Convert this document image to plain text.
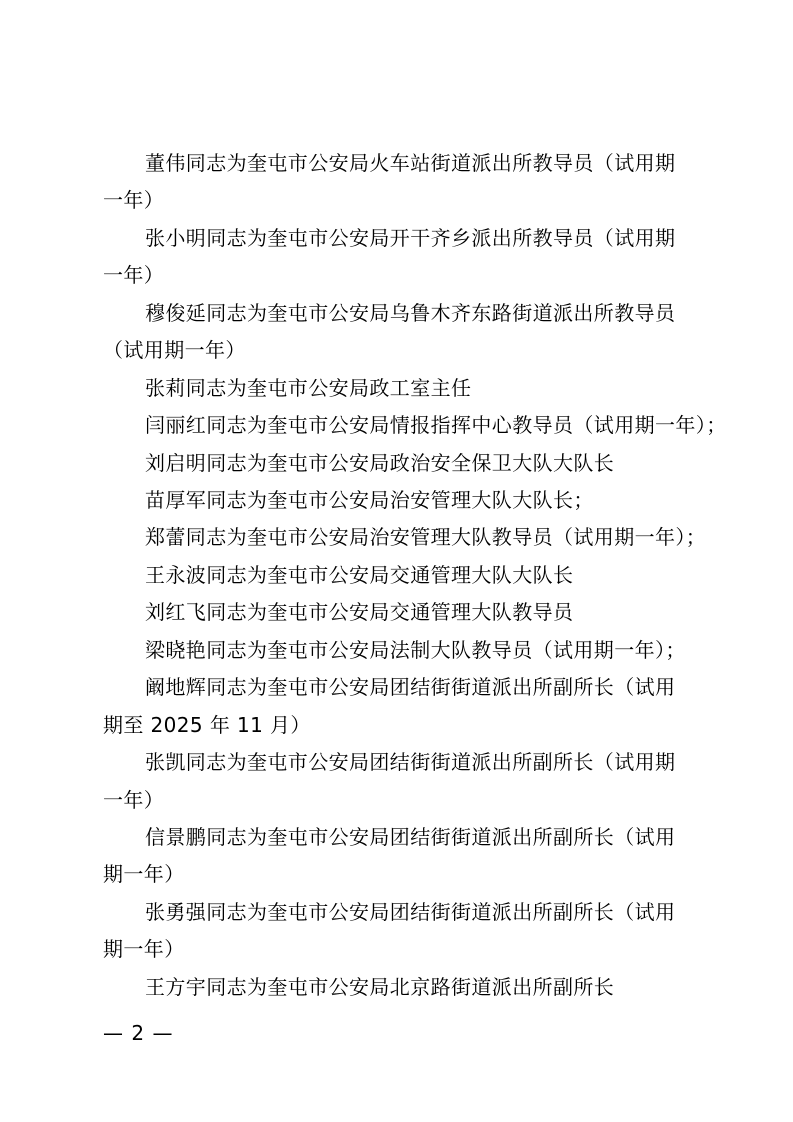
董伟同志为奎屯市公安局火车站街道派出所教导员（试用期
一年）
张小明同志为奎屯市公安局开干齐乡派出所教导员（试用期
一年）
穆俊延同志为奎屯市公安局乌鲁木齐东路街道派出所教导员
（试用期一年）
张莉同志为奎屯市公安局政工室主任
闫丽红同志为奎屯市公安局情报指挥中心教导员（试用期一年）；
刘启明同志为奎屯市公安局政治安全保卫大队大队长
苗厚军同志为奎屯市公安局治安管理大队大队长；
郑蕾同志为奎屯市公安局治安管理大队教导员（试用期一年）；
王永波同志为奎屯市公安局交通管理大队大队长
刘红飞同志为奎屯市公安局交通管理大队教导员
梁晓艳同志为奎屯市公安局法制大队教导员（试用期一年）；
阚地辉同志为奎屯市公安局团结街街道派出所副所长（试用
期至 2025 年 11 月）
张凯同志为奎屯市公安局团结街街道派出所副所长（试用期
一年）
信景鹏同志为奎屯市公安局团结街街道派出所副所长（试用
期一年）
张勇强同志为奎屯市公安局团结街街道派出所副所长（试用
期一年）
王方宇同志为奎屯市公安局北京路街道派出所副所长
— 2 —
